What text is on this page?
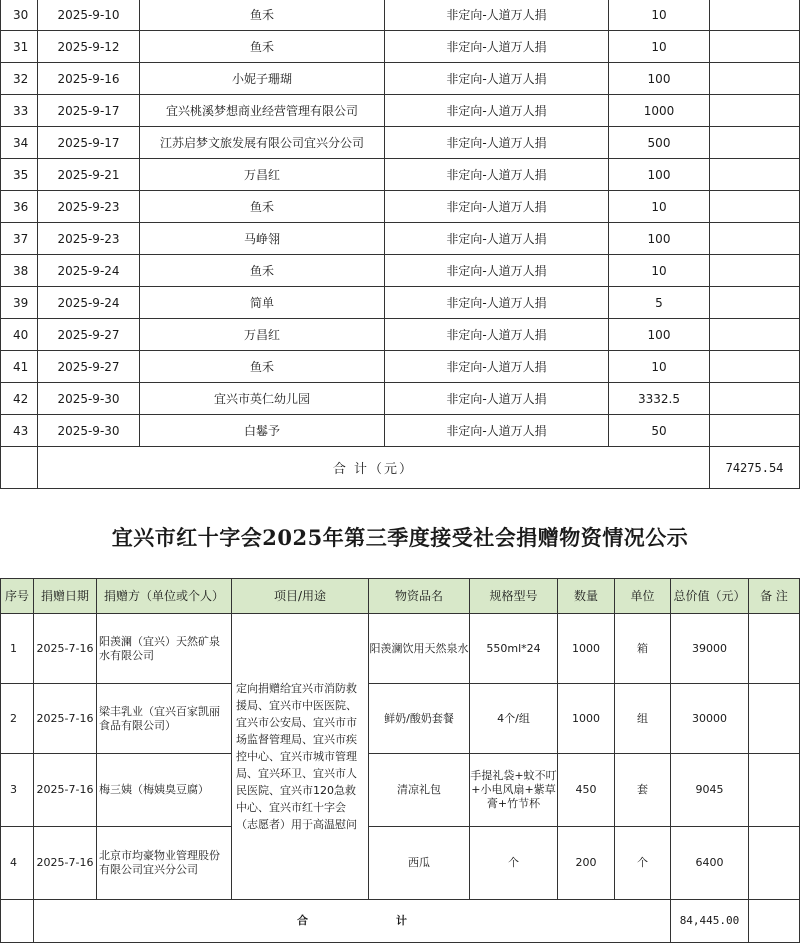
30	2025-9-10	鱼禾	非定向-人道万人捐	10	
31	2025-9-12	鱼禾	非定向-人道万人捐	10	
32	2025-9-16	小妮子珊瑚	非定向-人道万人捐	100	
33	2025-9-17	宜兴桃溪梦想商业经营管理有限公司	非定向-人道万人捐	1000	
34	2025-9-17	江苏启梦文旅发展有限公司宜兴分公司	非定向-人道万人捐	500	
35	2025-9-21	万昌红	非定向-人道万人捐	100	
36	2025-9-23	鱼禾	非定向-人道万人捐	10	
37	2025-9-23	马峥翎	非定向-人道万人捐	100	
38	2025-9-24	鱼禾	非定向-人道万人捐	10	
39	2025-9-24	简单	非定向-人道万人捐	5	
40	2025-9-27	万昌红	非定向-人道万人捐	100	
41	2025-9-27	鱼禾	非定向-人道万人捐	10	
42	2025-9-30	宜兴市英仁幼儿园	非定向-人道万人捐	3332.5	
43	2025-9-30	白鬈予	非定向-人道万人捐	50	
	合 计（元）				74275.54
宜兴市红十字会2025年第三季度接受社会捐赠物资情况公示
序号	捐赠日期	捐赠方（单位或个人）	项目/用途	物资品名	规格型号	数量	单位	总价值（元）	备 注
1	2025-7-16	阳羡澜（宜兴）天然矿泉水有限公司	定向捐赠给宜兴市消防救援局、宜兴市中医医院、宜兴市公安局、宜兴市市场监督管理局、宜兴市疾控中心、宜兴市城市管理局、宜兴环卫、宜兴市人民医院、宜兴市120急救中心、宜兴市红十字会（志愿者）用于高温慰问	阳羡澜饮用天然泉水	550ml*24	1000	箱	39000	
2	2025-7-16	梁丰乳业（宜兴百家凯丽食品有限公司）		鲜奶/酸奶套餐	4个/组	1000	组	30000	
3	2025-7-16	梅三姨（梅姨臭豆腐）		清凉礼包	手提礼袋+蚊不叮+小电风扇+紫草膏+竹节杯	450	套	9045	
4	2025-7-16	北京市均豪物业管理股份有限公司宜兴分公司		西瓜	个	200	个	6400	
	合 计							84,445.00	
